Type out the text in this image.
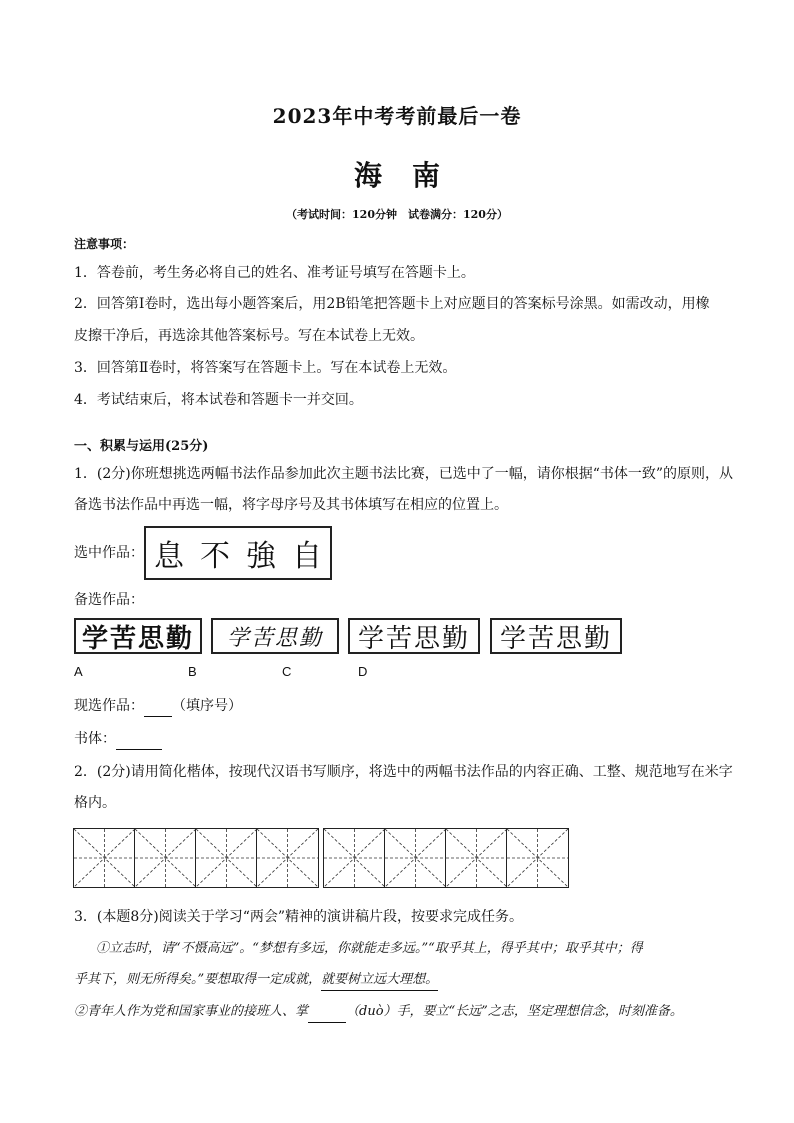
2023年中考考前最后一卷
海南
（考试时间：120分钟　试卷满分：120分）
注意事项：
1．答卷前，考生务必将自己的姓名、准考证号填写在答题卡上。
2．回答第Ⅰ卷时，选出每小题答案后，用2B铅笔把答题卡上对应题目的答案标号涂黑。如需改动，用橡
皮擦干净后，再选涂其他答案标号。写在本试卷上无效。
3．回答第Ⅱ卷时，将答案写在答题卡上。写在本试卷上无效。
4．考试结束后，将本试卷和答题卡一并交回。
一、积累与运用(25分)
1．(2分)你班想挑选两幅书法作品参加此次主题书法比赛，已选中了一幅，请你根据“书体一致”的原则，从
备选书法作品中再选一幅，将字母序号及其书体填写在相应的位置上。
选中作品： 息 不 強 自
备选作品：
学苦思勤	学苦思勤	学苦思勤	学苦思勤
A	B	C	D
现选作品： （填序号）
书体：
2．(2分)请用简化楷体，按现代汉语书写顺序，将选中的两幅书法作品的内容正确、工整、规范地写在米字
格内。
3．(本题8分)阅读关于学习“两会”精神的演讲稿片段，按要求完成任务。
①立志时，请“不慑高远”。“梦想有多远，你就能走多远。”“取乎其上，得乎其中；取乎其中；得
乎其下，则无所得矣。”要想取得一定成就，就要树立远大理想。
②青年人作为党和国家事业的接班人、掌	（duò）手，要立“长远”之志，坚定理想信念，时刻准备。
